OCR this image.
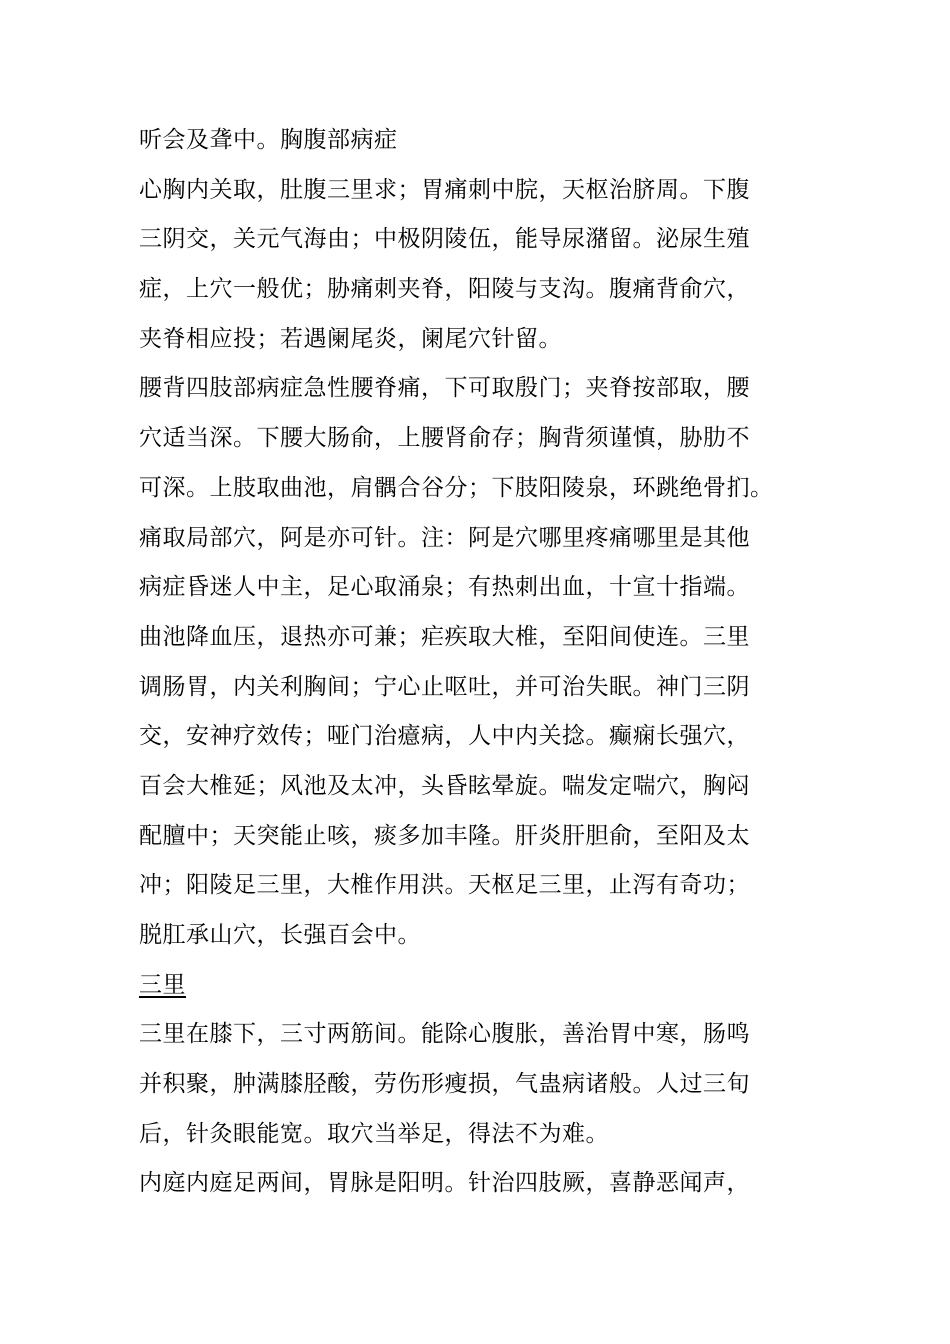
听会及聋中。胸腹部病症
心胸内关取，肚腹三里求；胃痛刺中脘，天枢治脐周。下腹
三阴交，关元气海由；中极阴陵伍，能导尿潴留。泌尿生殖
症，上穴一般优；胁痛刺夹脊，阳陵与支沟。腹痛背俞穴，
夹脊相应投；若遇阑尾炎，阑尾穴针留。
腰背四肢部病症急性腰脊痛，下可取殷门；夹脊按部取，腰
穴适当深。下腰大肠俞，上腰肾俞存；胸背须谨慎，胁肋不
可深。上肢取曲池，肩髃合谷分；下肢阳陵泉，环跳绝骨扪。
痛取局部穴，阿是亦可针。注：阿是穴哪里疼痛哪里是其他
病症昏迷人中主，足心取涌泉；有热刺出血，十宣十指端。
曲池降血压，退热亦可兼；疟疾取大椎，至阳间使连。三里
调肠胃，内关利胸间；宁心止呕吐，并可治失眠。神门三阴
交，安神疗效传；哑门治癔病，人中内关捻。癫痫长强穴，
百会大椎延；风池及太冲，头昏眩晕旋。喘发定喘穴，胸闷
配膻中；天突能止咳，痰多加丰隆。肝炎肝胆俞，至阳及太
冲；阳陵足三里，大椎作用洪。天枢足三里，止泻有奇功；
脱肛承山穴，长强百会中。
三里
三里在膝下，三寸两筋间。能除心腹胀，善治胃中寒，肠鸣
并积聚，肿满膝胫酸，劳伤形瘦损，气蛊病诸般。人过三旬
后，针灸眼能宽。取穴当举足，得法不为难。
内庭内庭足两间，胃脉是阳明。针治四肢厥，喜静恶闻声，
